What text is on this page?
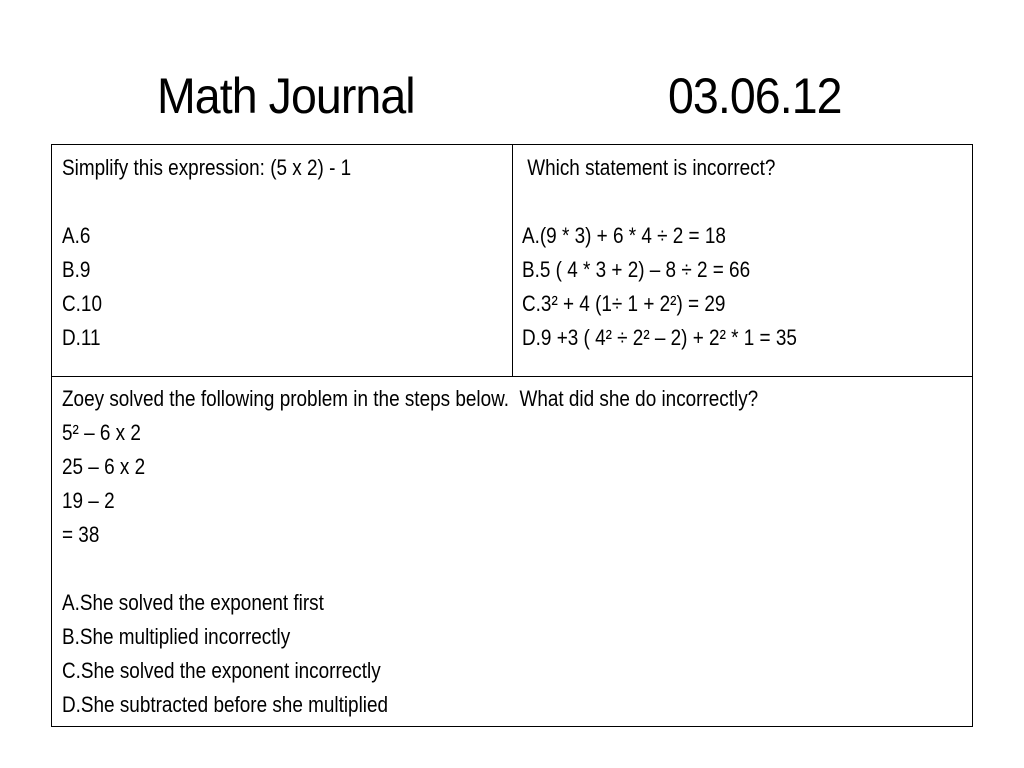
Math Journal	03.06.12
Simplify this expression: (5 x 2) - 1
A.6
B.9
C.10
D.11
Which statement is incorrect?
A.(9 * 3) + 6 * 4 ÷ 2 = 18
B.5 ( 4 * 3 + 2) – 8 ÷ 2 = 66
C.3² + 4 (1÷ 1 + 2²) = 29
D.9 +3 ( 4² ÷ 2² – 2) + 2² * 1 = 35
Zoey solved the following problem in the steps below.  What did she do incorrectly?
5² – 6 x 2
25 – 6 x 2
19 – 2
= 38
A.She solved the exponent first
B.She multiplied incorrectly
C.She solved the exponent incorrectly
D.She subtracted before she multiplied
